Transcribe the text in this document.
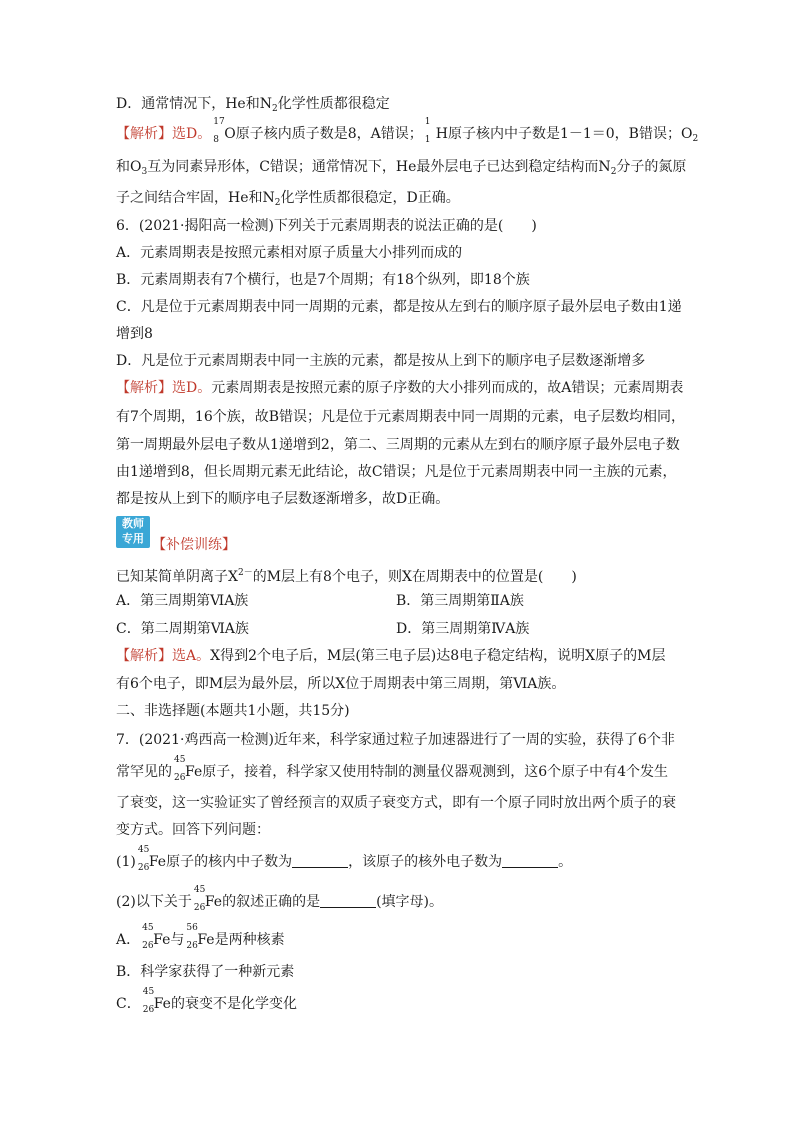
D．通常情况下，He和$N_2$化学性质都很稳定
【解析】选D。
17
8 O原子核内质子数是8，A错误；
1
1 H原子核内中子数是1－1＝0，B错误；$O_2$
和$O_3$互为同素异形体，C错误；通常情况下，He最外层电子已达到稳定结构而$N_2$分子的氮原
子之间结合牢固，He和$N_2$化学性质都很稳定，D正确。
6．(2021·揭阳高一检测)下列关于元素周期表的说法正确的是(　　)
A．元素周期表是按照元素相对原子质量大小排列而成的
B．元素周期表有7个横行，也是7个周期；有18个纵列，即18个族
C．凡是位于元素周期表中同一周期的元素，都是按从左到右的顺序原子最外层电子数由1递
增到8
D．凡是位于元素周期表中同一主族的元素，都是按从上到下的顺序电子层数逐渐增多
【解析】选D。元素周期表是按照元素的原子序数的大小排列而成的，故A错误；元素周期表
有7个周期，16个族，故B错误；凡是位于元素周期表中同一周期的元素，电子层数均相同，
第一周期最外层电子数从1递增到2，第二、三周期的元素从左到右的顺序原子最外层电子数
由1递增到8，但长周期元素无此结论，故C错误；凡是位于元素周期表中同一主族的元素，
都是按从上到下的顺序电子层数逐渐增多，故D正确。
教师
专用 【补偿训练】
已知某简单阴离子$X^{2-}$的M层上有8个电子，则X在周期表中的位置是(　　)
A．第三周期第ⅥA族	B．第三周期第ⅡA族
C．第二周期第ⅥA族	D．第三周期第ⅣA族
【解析】选A。X得到2个电子后，M层(第三电子层)达8电子稳定结构，说明X原子的M层
有6个电子，即M层为最外层，所以X位于周期表中第三周期，第ⅥA族。
二、非选择题(本题共1小题，共15分)
7．(2021·鸡西高一检测)近年来，科学家通过粒子加速器进行了一周的实验，获得了6个非
常罕见的
45
26 Fe原子，接着，科学家又使用特制的测量仪器观测到，这6个原子中有4个发生
了衰变，这一实验证实了曾经预言的双质子衰变方式，即有一个原子同时放出两个质子的衰
变方式。回答下列问题：
(1)
45
26 Fe原子的核内中子数为	，该原子的核外电子数为	。
(2)以下关于
45
26 Fe的叙述正确的是	(填字母)。
A．
45
26 Fe与
56
26 Fe是两种核素
B．科学家获得了一种新元素
C．
45
26 Fe的衰变不是化学变化
